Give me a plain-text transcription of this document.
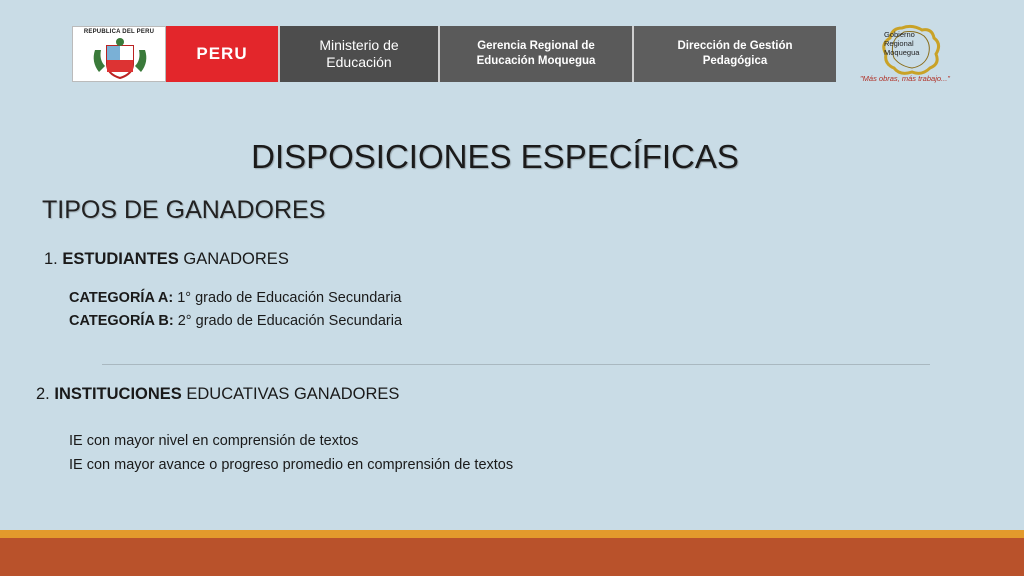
REPUBLICA DEL PERU
PERU	Ministerio de
Educación
Gerencia Regional de
Educación Moquegua
Dirección de Gestión
Pedagógica
Gobierno
Regional
Moquegua
"Más obras, más trabajo..."
DISPOSICIONES ESPECÍFICAS
TIPOS DE GANADORES
1. ESTUDIANTES GANADORES
CATEGORÍA A: 1° grado de Educación Secundaria
CATEGORÍA B: 2° grado de Educación Secundaria
2. INSTITUCIONES EDUCATIVAS GANADORES
IE con mayor nivel en comprensión de textos
IE con mayor avance o progreso promedio en comprensión de textos
